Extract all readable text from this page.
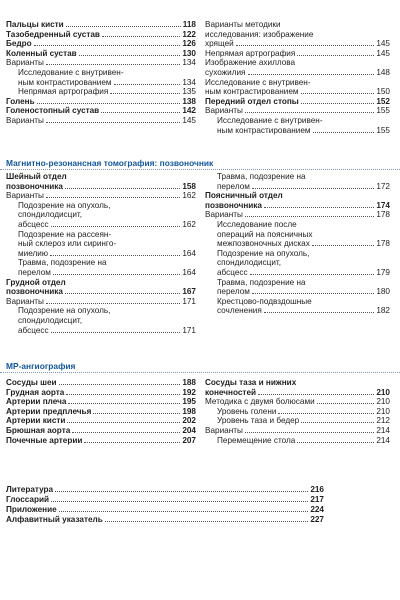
Пальцы кисти	118
Тазобедренный сустав	122
Бедро	126
Коленный сустав	130
Варианты	134
Исследование с внутривен-
ным контрастированием	134
Непрямая артрография	135
Голень	138
Голеностопный сустав	142
Варианты	145
Варианты методики
исследования: изображение
хрящей	145
Непрямая артрография	145
Изображение ахиллова
сухожилия	148
Исследование с внутривен-
ным контрастированием	150
Передний отдел стопы	152
Варианты	155
Исследование с внутривен-
ным контрастированием	155
Магнитно-резонансная томография: позвоночник
Шейный отдел
позвоночника	158
Варианты	162
Подозрение на опухоль,
спондилодисцит,
абсцесс	162
Подозрение на рассеян-
ный склероз или сирингo-
миелию	164
Травма, подозрение на
перелом	164
Грудной отдел
позвоночника	167
Варианты	171
Подозрение на опухоль,
спондилодисцит,
абсцесс	171
Травма, подозрение на
перелом	172
Поясничный отдел
позвоночника	174
Варианты	178
Исследование после
операций на поясничных
межпозвоночных дисках	178
Подозрение на опухоль,
спондилодисцит,
абсцесс	179
Травма, подозрение на
перелом	180
Крестцово-подвздошные
сочленения	182
МР-ангиография
Сосуды шеи	188
Грудная аорта	192
Артерии плеча	195
Артерии предплечья	198
Артерии кисти	202
Брюшная аорта	204
Почечные артерии	207
Сосуды таза и нижних
конечностей	210
Методика с двумя болюсами	210
Уровень голени	210
Уровень таза и бедер	212
Варианты	214
Перемещение стола	214
Литература	216
Глоссарий	217
Приложение	224
Алфавитный указатель	227
